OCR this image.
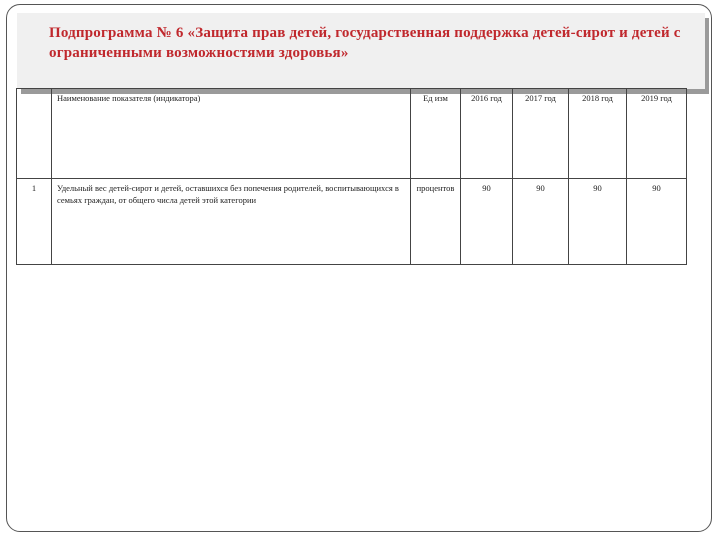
Подпрограмма № 6 «Защита прав детей, государственная поддержка детей-сирот и детей с ограниченными возможностями здоровья»
	Наименование показателя (индикатора)	Ед изм	2016 год	2017 год	2018 год	2019 год
1	Удельный вес детей-сирот и детей, оставшихся без попечения родителей, воспитывающихся в семьях граждан, от общего числа детей этой категории	процентов	90	90	90	90
